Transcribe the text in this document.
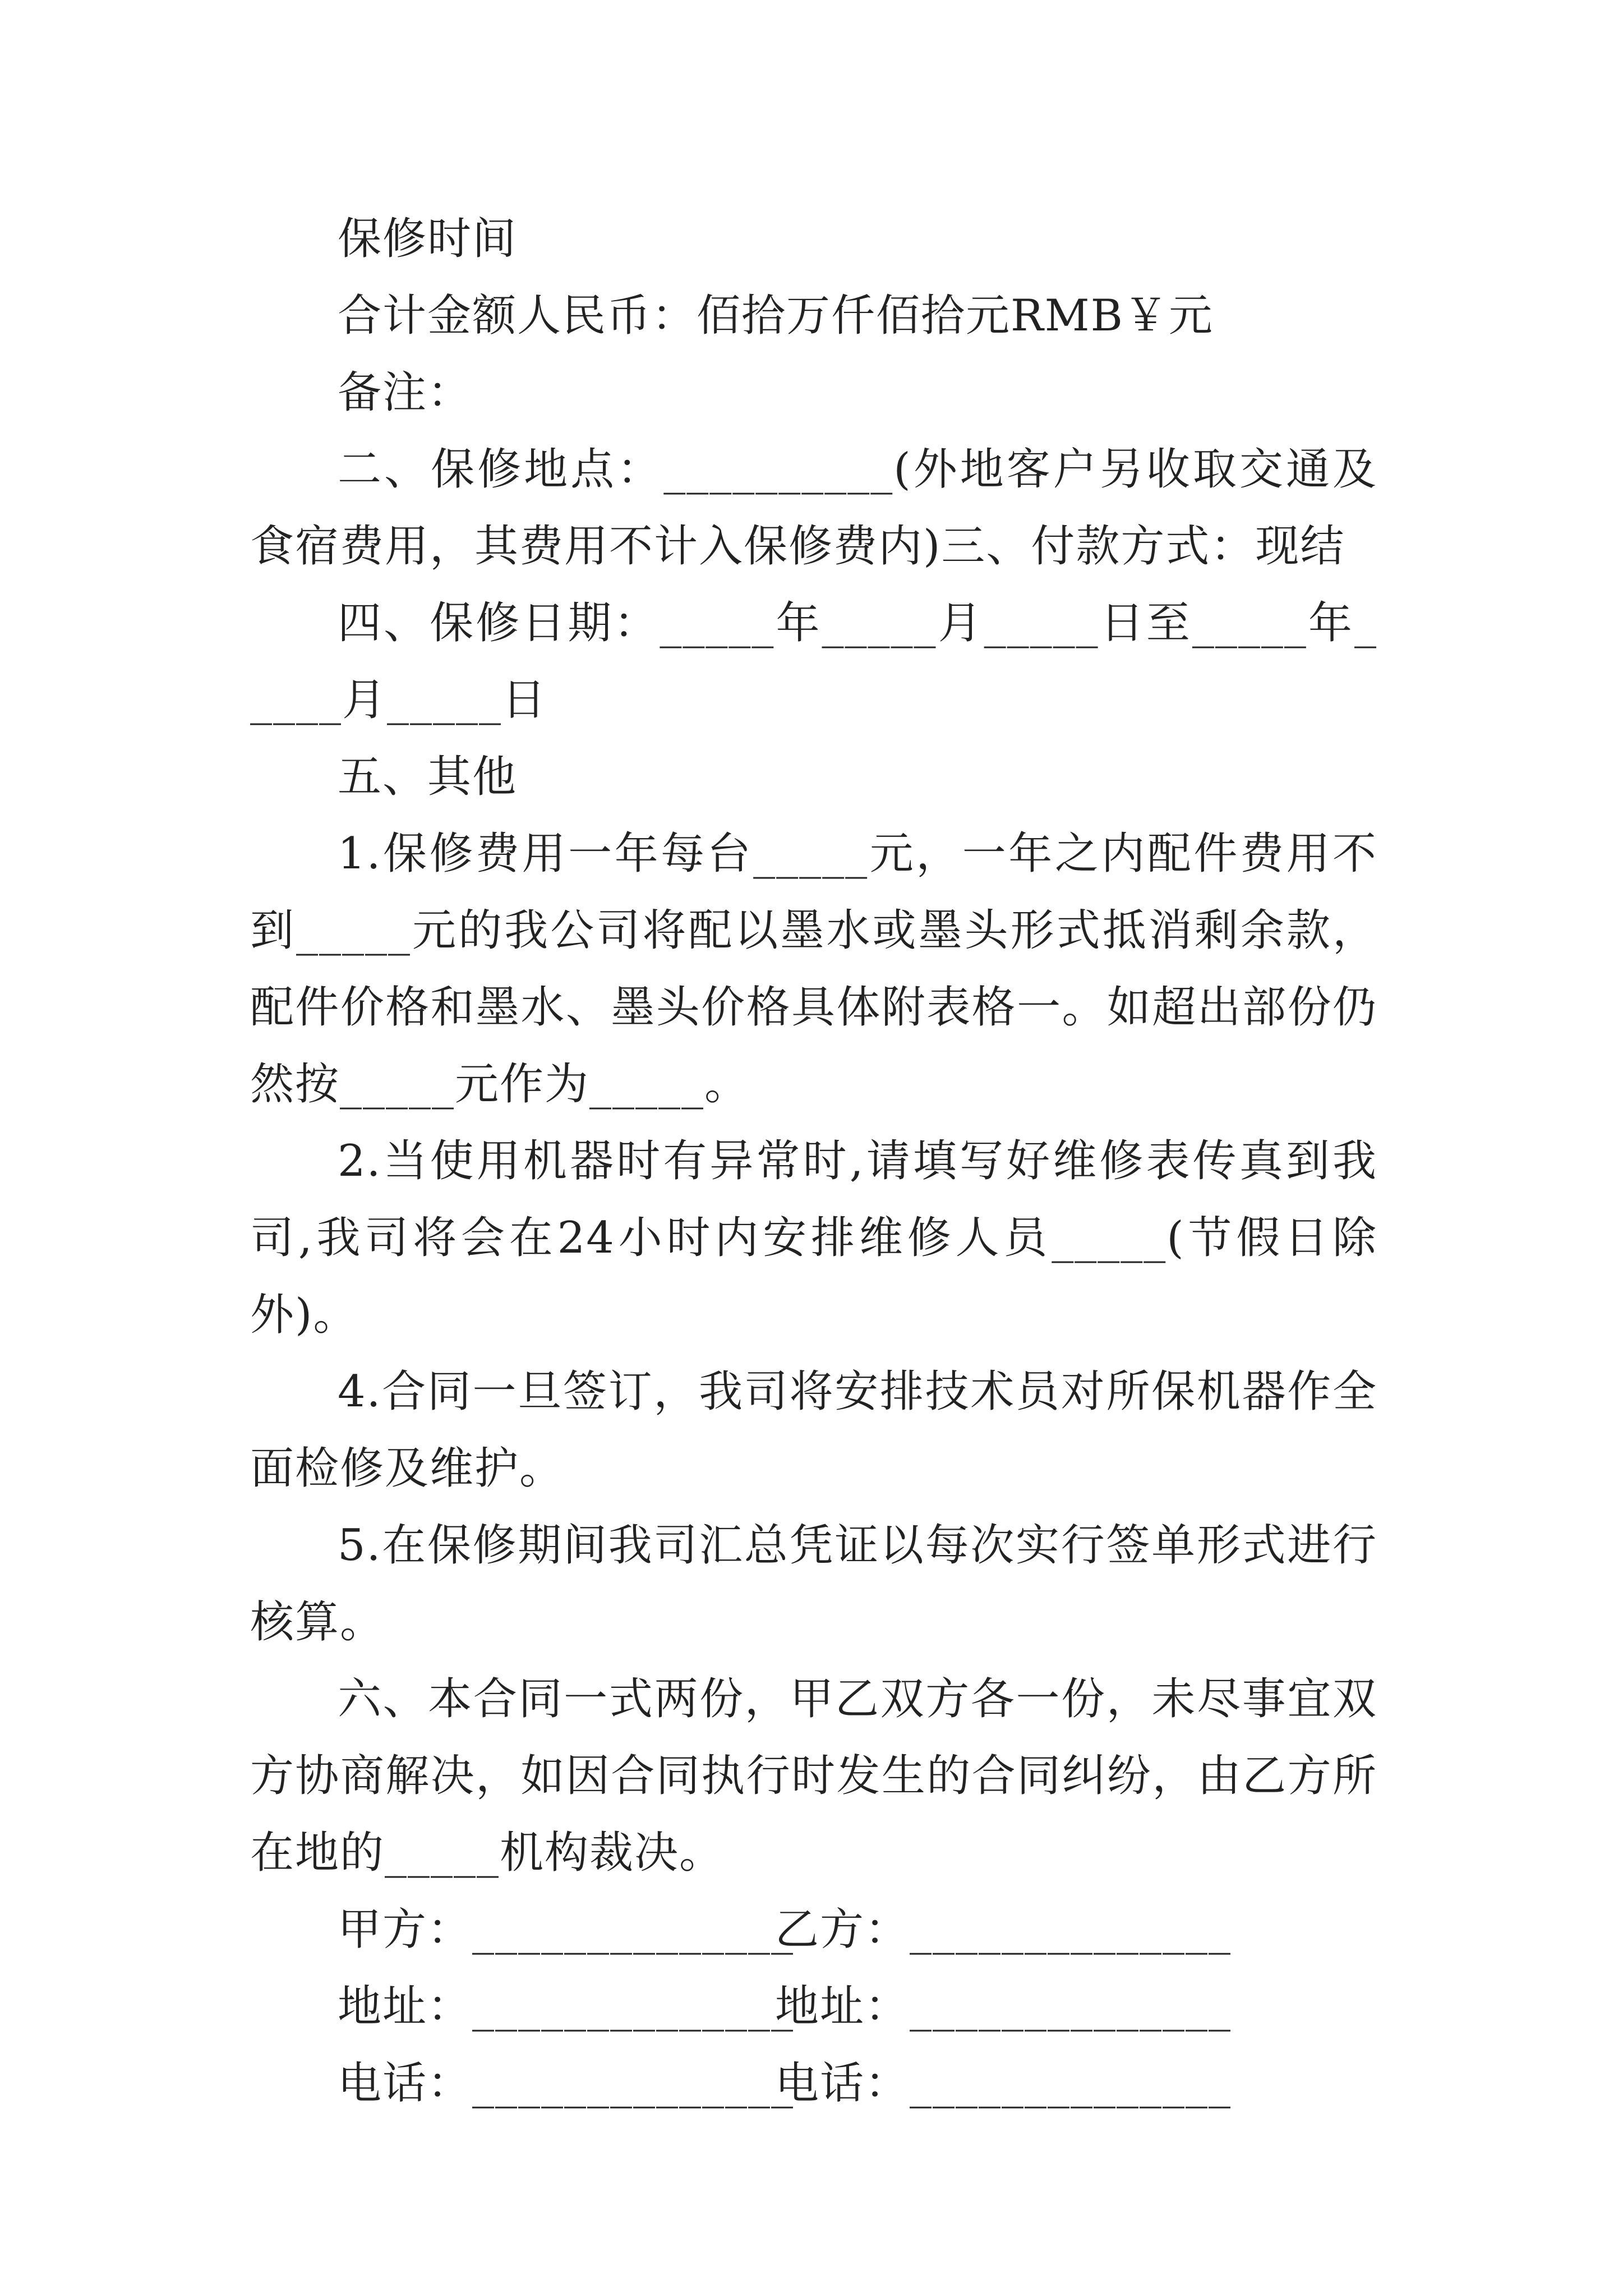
保修时间

合计金额人民币：佰拾万仟佰拾元RMB￥元

备注：

二、保修地点：__________(外地客户另收取交通及食宿费用，其费用不计入保修费内)三、付款方式：现结

四、保修日期：_____年_____月_____日至_____年_____月_____日

五、其他

1.保修费用一年每台_____元，一年之内配件费用不到_____元的我公司将配以墨水或墨头形式抵消剩余款，配件价格和墨水、墨头价格具体附表格一。如超出部份仍然按_____元作为_____。

2.当使用机器时有异常时,请填写好维修表传真到我司,我司将会在24小时内安排维修人员_____(节假日除外)。

4.合同一旦签订，我司将安排技术员对所保机器作全面检修及维护。

5.在保修期间我司汇总凭证以每次实行签单形式进行核算。

六、本合同一式两份，甲乙双方各一份，未尽事宜双方协商解决，如因合同执行时发生的合同纠纷，由乙方所在地的_____机构裁决。

甲方：______________乙方：______________
地址：______________地址：______________
电话：______________电话：______________
